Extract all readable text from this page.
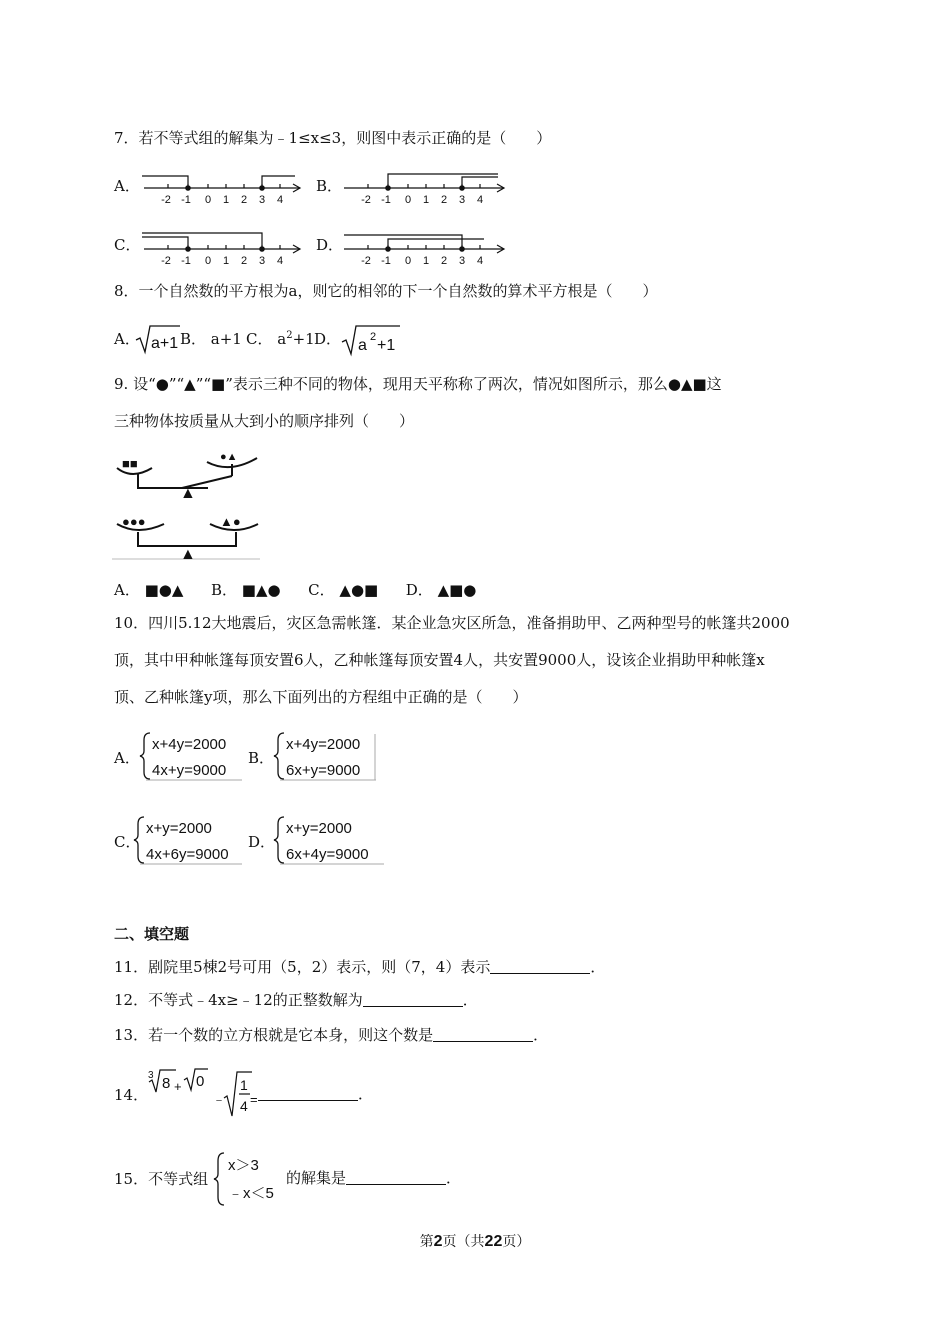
7．若不等式组的解集为﹣1≤x≤3，则图中表示正确的是（　　）
A．
-2 -1 0 1 2 3 4
B．
-2 -1 0 1 2 3 4
C．
-2 -1 0 1 2 3 4
D．
-2 -1 0 1 2 3 4
8．一个自然数的平方根为a，则它的相邻的下一个自然数的算术平方根是（　　）
A． a+1 B． a+1 C． $a^2+1$ D． a 2 +1
9. 设“●”“▲”“■”表示三种不同的物体，现用天平称称了两次，情况如图所示，那么●▲■这
三种物体按质量从大到小的顺序排列（　　）
■■	●▲
▲
●●●	▲●
▲
A． ■●▲ B． ■▲● C． ▲●■ D． ▲■●
10．四川5.12大地震后，灾区急需帐篷．某企业急灾区所急，准备捐助甲、乙两种型号的帐篷共2000
顶，其中甲种帐篷每顶安置6人，乙种帐篷每顶安置4人，共安置9000人，设该企业捐助甲种帐篷x
顶、乙种帐篷y项，那么下面列出的方程组中正确的是（　　）
A．
x+4y=2000
4x+y=9000
B．
x+4y=2000
6x+y=9000
C．
x+y=2000
4x+6y=9000
D．
x+y=2000
6x+4y=9000
二、填空题
11．剧院里5棟2号可用（5，2）表示，则（7，4）表示	．
12．不等式﹣4x≥﹣12的正整数解为	．
13．若一个数的立方根就是它本身，则这个数是	．
14．
3 8 + 0
﹣
1
4 =	．
15．不等式组
x＞3
﹣x＜5
的解集是	．
第2页（共22页）
